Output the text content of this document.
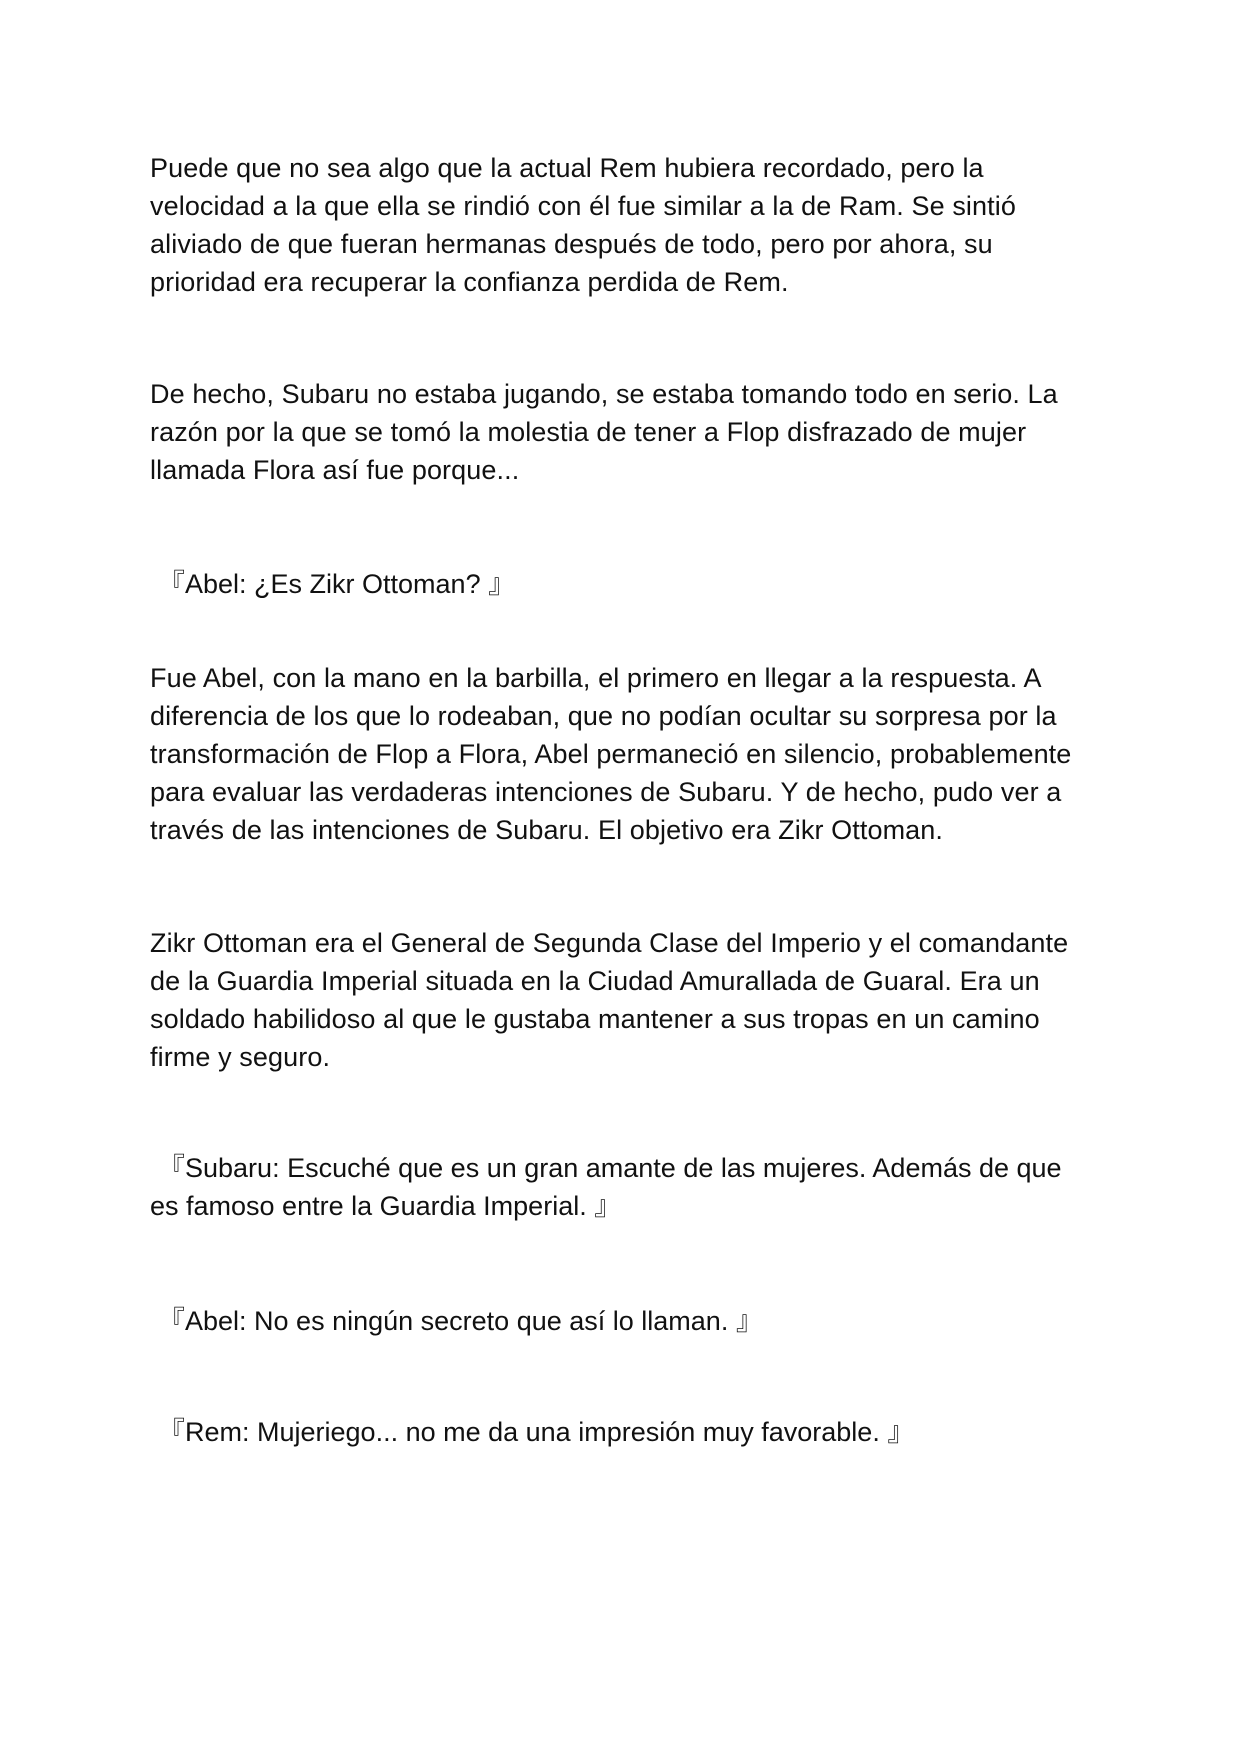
Puede que no sea algo que la actual Rem hubiera recordado, pero la velocidad a la que ella se rindió con él fue similar a la de Ram. Se sintió aliviado de que fueran hermanas después de todo, pero por ahora, su prioridad era recuperar la confianza perdida de Rem.

De hecho, Subaru no estaba jugando, se estaba tomando todo en serio. La razón por la que se tomó la molestia de tener a Flop disfrazado de mujer llamada Flora así fue porque...

『Abel: ¿Es Zikr Ottoman? 』

Fue Abel, con la mano en la barbilla, el primero en llegar a la respuesta. A diferencia de los que lo rodeaban, que no podían ocultar su sorpresa por la transformación de Flop a Flora, Abel permaneció en silencio, probablemente para evaluar las verdaderas intenciones de Subaru. Y de hecho, pudo ver a través de las intenciones de Subaru. El objetivo era Zikr Ottoman.

Zikr Ottoman era el General de Segunda Clase del Imperio y el comandante de la Guardia Imperial situada en la Ciudad Amurallada de Guaral. Era un soldado habilidoso al que le gustaba mantener a sus tropas en un camino firme y seguro.

『Subaru: Escuché que es un gran amante de las mujeres. Además de que es famoso entre la Guardia Imperial. 』

『Abel: No es ningún secreto que así lo llaman. 』

『Rem: Mujeriego... no me da una impresión muy favorable. 』
